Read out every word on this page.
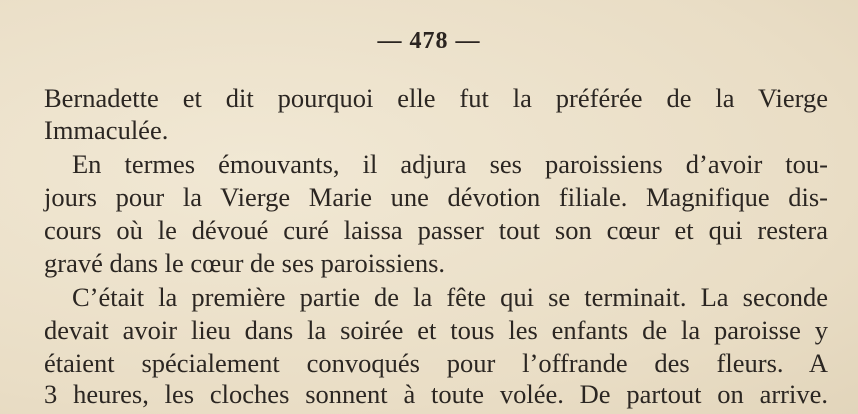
— 478 —
Bernadette et dit pourquoi elle fut la préférée de la Vierge
Immaculée.
En termes émouvants, il adjura ses paroissiens d’avoir tou-
jours pour la Vierge Marie une dévotion filiale. Magnifique dis-
cours où le dévoué curé laissa passer tout son cœur et qui restera
gravé dans le cœur de ses paroissiens.
C’était la première partie de la fête qui se terminait. La seconde
devait avoir lieu dans la soirée et tous les enfants de la paroisse y
étaient spécialement convoqués pour l’offrande des fleurs. A
3 heures, les cloches sonnent à toute volée. De partout on arrive.
